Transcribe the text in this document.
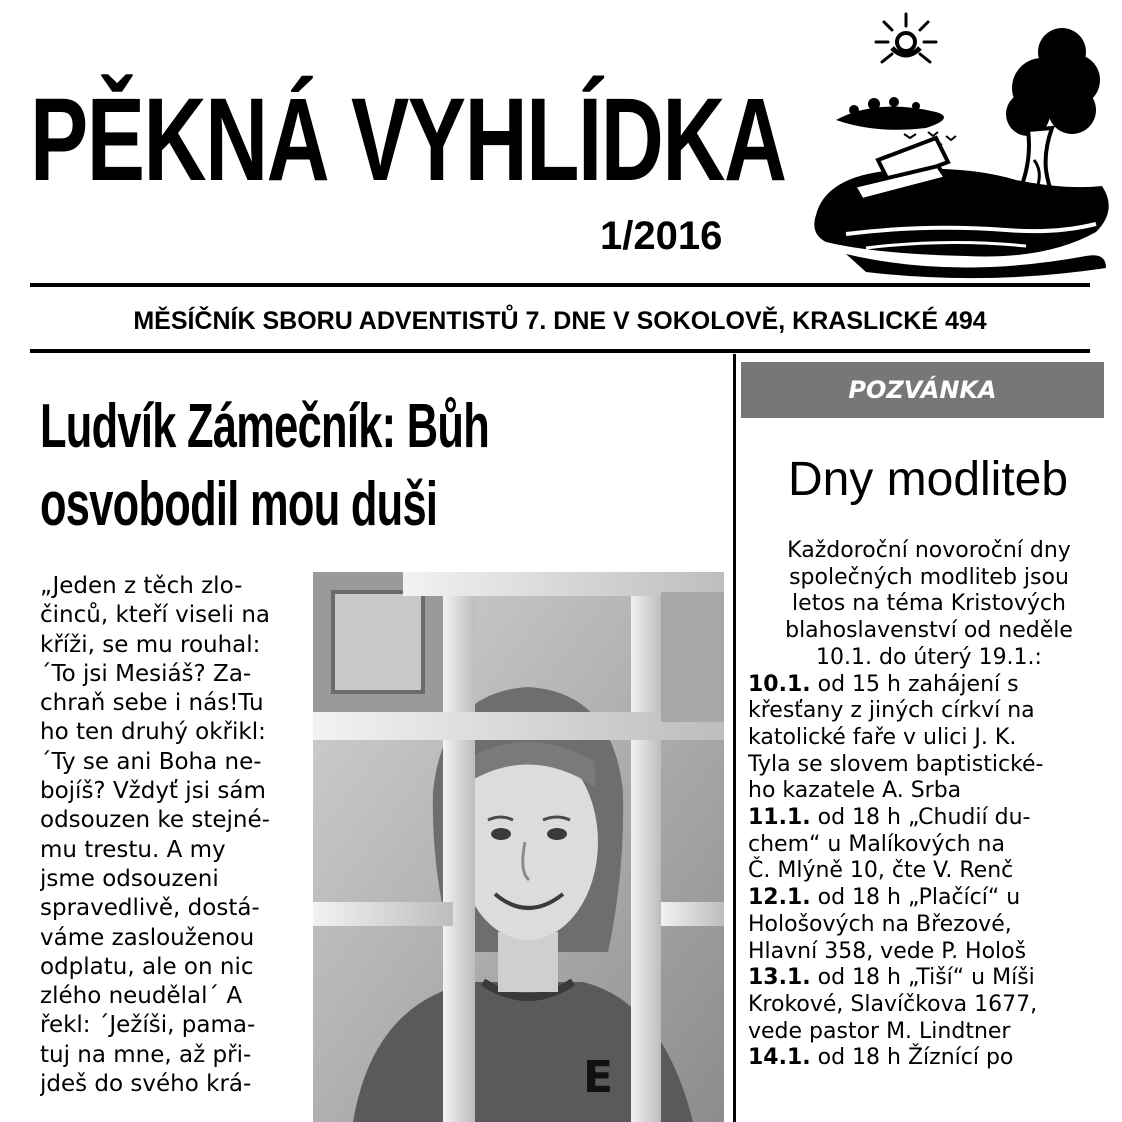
PĚKNÁ VYHLÍDKA
1/2016
MĚSÍČNÍK SBORU ADVENTISTŮ 7. DNE V SOKOLOVĚ, KRASLICKÉ 494
Ludvík Zámečník: Bůh
osvobodil mou duši
„Jeden z těch zlo-
činců, kteří viseli na
kříži, se mu rouhal:
´To jsi Mesiáš? Za-
chraň sebe i nás!Tu
ho ten druhý okřikl:
´Ty se ani Boha ne-
bojíš? Vždyť jsi sám
odsouzen ke stejné-
mu trestu. A my
jsme odsouzeni
spravedlivě, dostá-
váme zaslouženou
odplatu, ale on nic
zlého neudělal´ A
řekl: ´Ježíši, pama-
tuj na mne, až při-
jdeš do svého krá-	E
POZVÁNKA
Dny modliteb
Každoroční novoroční dny
společných modliteb jsou
letos na téma Kristových
blahoslavenství od neděle
10.1. do úterý 19.1.:
10.1. od 15 h zahájení s
křesťany z jiných církví na
katolické faře v ulici J. K.
Tyla se slovem baptistické-
ho kazatele A. Srba
11.1. od 18 h „Chudií du-
chem“ u Malíkových na
Č. Mlýně 10, čte V. Renč
12.1. od 18 h „Plačící“ u
Hološových na Březové,
Hlavní 358, vede P. Hološ
13.1. od 18 h „Tiší“ u Míši
Krokové, Slavíčkova 1677,
vede pastor M. Lindtner
14.1. od 18 h Žíznící po
